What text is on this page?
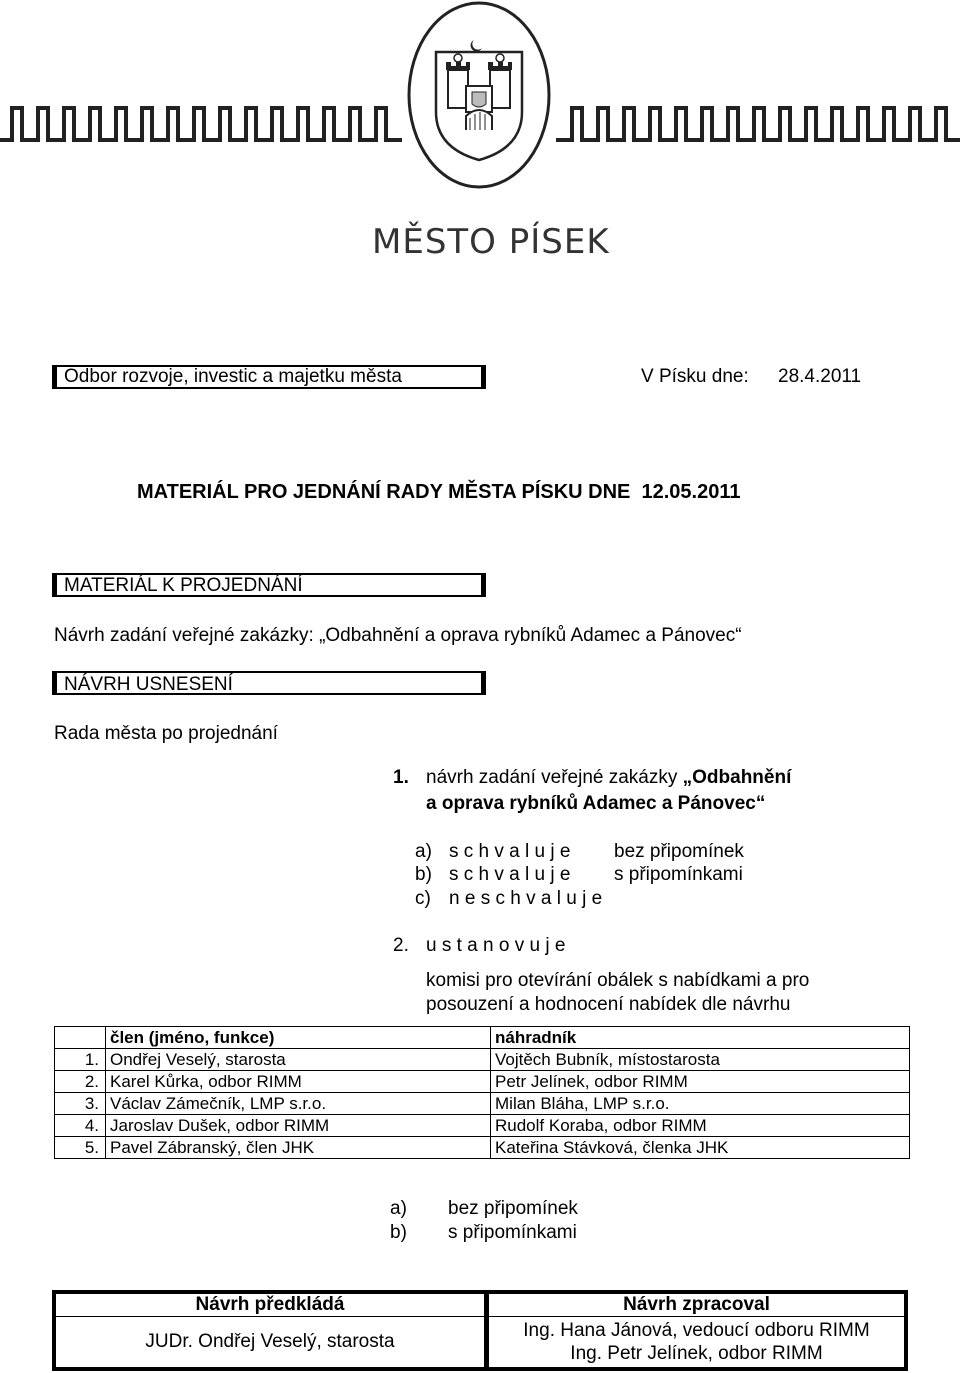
MĚSTO PÍSEK
Odbor rozvoje, investic a majetku města	V Písku dne: 28.4.2011
MATERIÁL PRO JEDNÁNÍ RADY MĚSTA PÍSKU DNE  12.05.2011
MATERIÁL K PROJEDNÁNÍ
Návrh zadání veřejné zakázky: „Odbahnění a oprava rybníků Adamec a Pánovec“
NÁVRH USNESENÍ
Rada města po projednání
1. návrh zadání veřejné zakázky „Odbahnění
a oprava rybníků Adamec a Pánovec“
a) s c h v a l u j e bez připomínek
b) s c h v a l u j e s připomínkami
c) n e s c h v a l u j e
2. u s t a n o v u j e
komisi pro otevírání obálek s nabídkami a pro
posouzení a hodnocení nabídek dle návrhu
	člen (jméno, funkce)	náhradník
1.	Ondřej Veselý, starosta	Vojtěch Bubník, místostarosta
2.	Karel Kůrka, odbor RIMM	Petr Jelínek, odbor RIMM
3.	Václav Zámečník, LMP s.r.o.	Milan Bláha, LMP s.r.o.
4.	Jaroslav Dušek, odbor RIMM	Rudolf Koraba, odbor RIMM
5.	Pavel Zábranský, člen JHK	Kateřina Stávková, členka JHK
a) bez připomínek
b) s připomínkami
Návrh předkládá	Návrh zpracoval
JUDr. Ondřej Veselý, starosta	Ing. Hana Jánová, vedoucí odboru RIMM
Ing. Petr Jelínek, odbor RIMM
